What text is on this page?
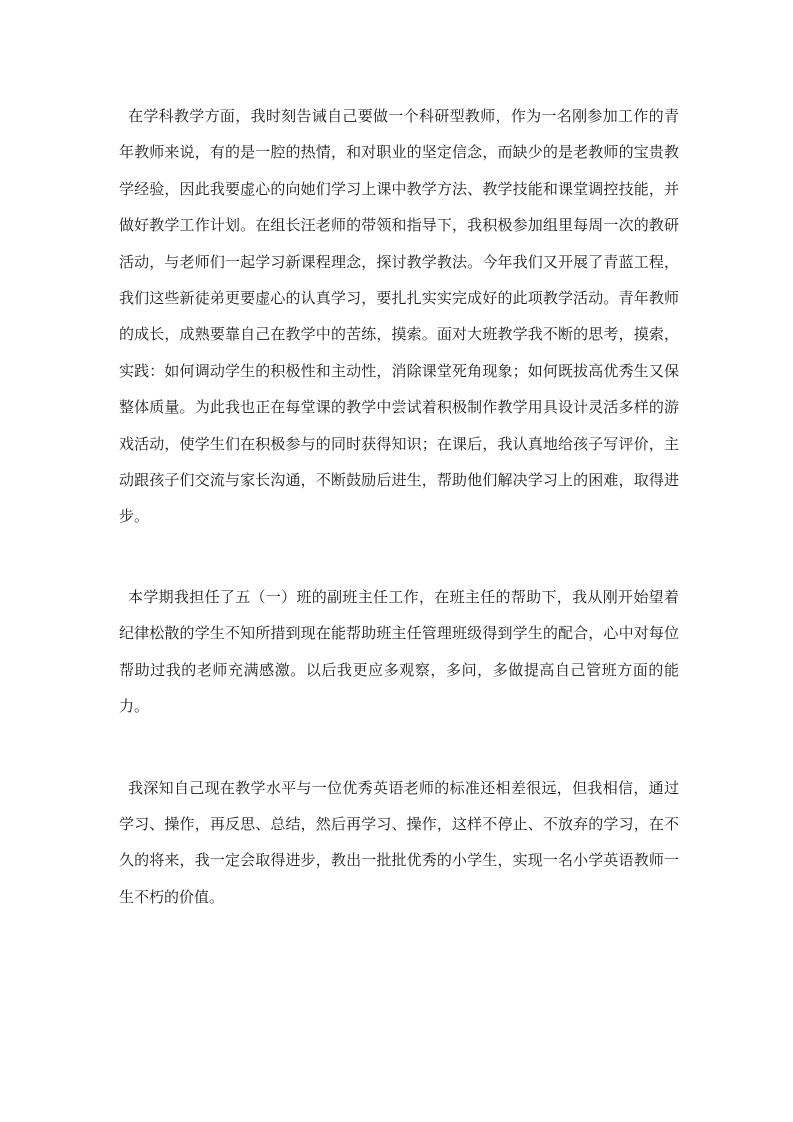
在学科教学方面，我时刻告诫自己要做一个科研型教师，作为一名刚参加工作的青年教师来说，有的是一腔的热情，和对职业的坚定信念，而缺少的是老教师的宝贵教学经验，因此我要虚心的向她们学习上课中教学方法、教学技能和课堂调控技能，并做好教学工作计划。在组长汪老师的带领和指导下，我积极参加组里每周一次的教研活动，与老师们一起学习新课程理念，探讨教学教法。今年我们又开展了青蓝工程，我们这些新徒弟更要虚心的认真学习，要扎扎实实完成好的此项教学活动。青年教师的成长，成熟要靠自己在教学中的苦练，摸索。面对大班教学我不断的思考，摸索，实践：如何调动学生的积极性和主动性，消除课堂死角现象；如何既拔高优秀生又保整体质量。为此我也正在每堂课的教学中尝试着积极制作教学用具设计灵活多样的游戏活动，使学生们在积极参与的同时获得知识；在课后，我认真地给孩子写评价，主动跟孩子们交流与家长沟通，不断鼓励后进生，帮助他们解决学习上的困难，取得进步。

本学期我担任了五（一）班的副班主任工作，在班主任的帮助下，我从刚开始望着纪律松散的学生不知所措到现在能帮助班主任管理班级得到学生的配合，心中对每位帮助过我的老师充满感激。以后我更应多观察，多问，多做提高自己管班方面的能力。

我深知自己现在教学水平与一位优秀英语老师的标准还相差很远，但我相信，通过学习、操作，再反思、总结，然后再学习、操作，这样不停止、不放弃的学习，在不久的将来，我一定会取得进步，教出一批批优秀的小学生，实现一名小学英语教师一生不朽的价值。
